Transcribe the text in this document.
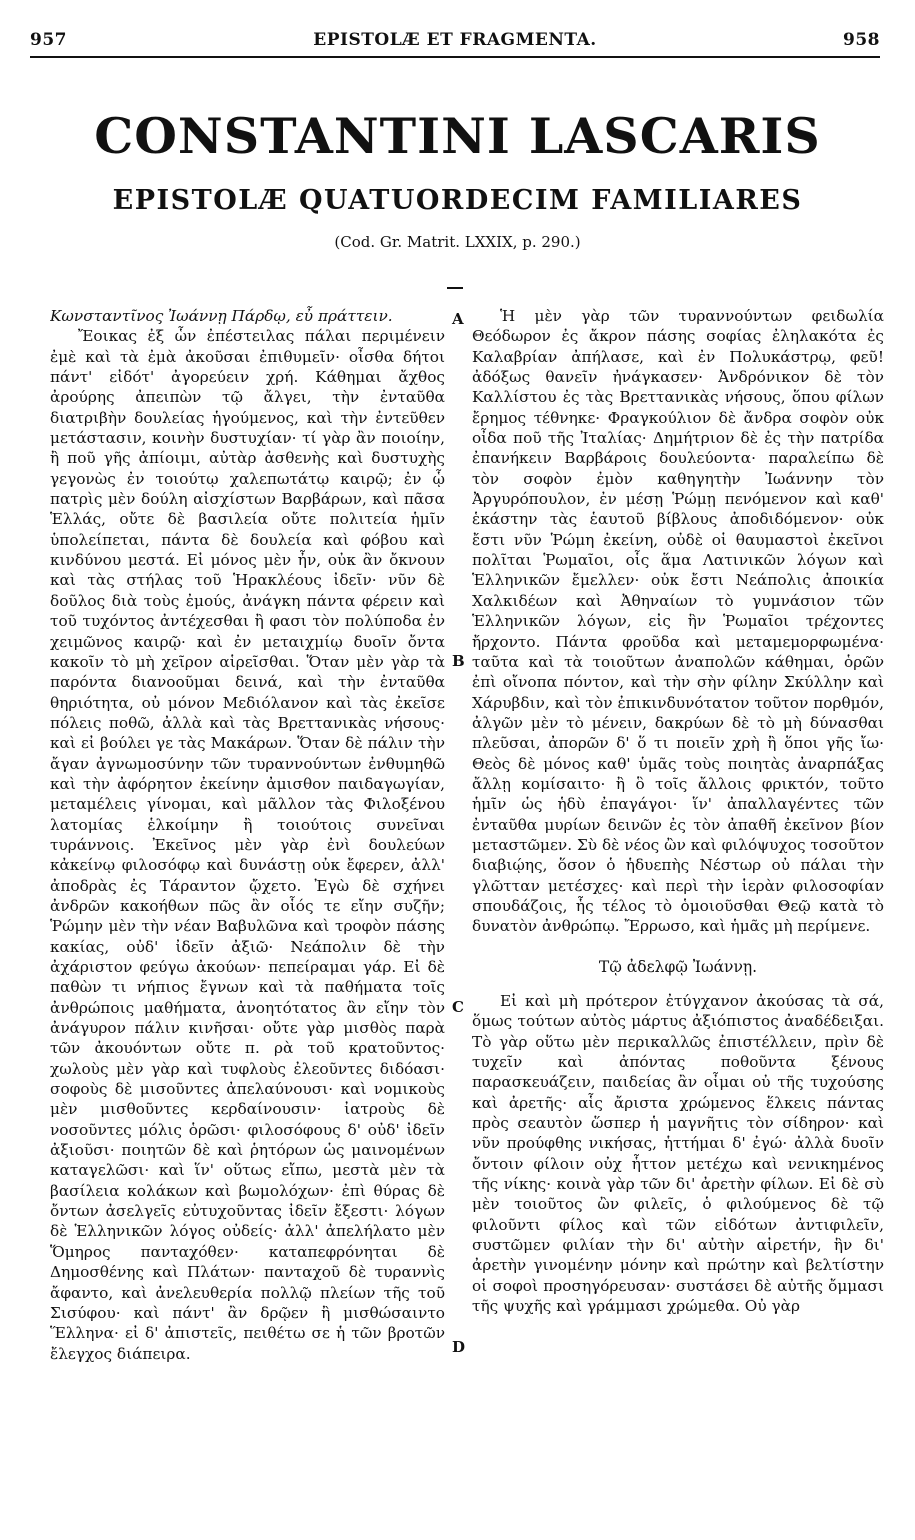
957	EPISTOLÆ ET FRAGMENTA.	958
CONSTANTINI LASCARIS
EPISTOLÆ QUATUORDECIM FAMILIARES
(Cod. Gr. Matrit. LXXIX, p. 290.)

Κωνσταντῖνος Ἰωάννῃ Πάρδῳ, εὖ πράττειν.

Ἔοικας ἐξ ὧν ἐπέστειλας πάλαι περιμένειν ἐμὲ καὶ τὰ ἐμὰ ἀκοῦσαι ἐπιθυμεῖν· οἶσθα δήτοι πάντ' εἰδότ' ἀγορεύειν χρή. Κάθημαι ἄχθος ἀρούρης ἀπειπὼν τῷ ἄλγει, τὴν ἐνταῦθα διατριβὴν δουλείας ἡγούμενος, καὶ τὴν ἐντεῦθεν μετάστασιν, κοινὴν δυστυχίαν· τί γὰρ ἂν ποιοίην, ἢ ποῦ γῆς ἀπίοιμι, αὐτὰρ ἀσθενὴς καὶ δυστυχὴς γεγονὼς ἐν τοιούτῳ χαλεπωτάτῳ καιρῷ; ἐν ᾧ πατρὶς μὲν δούλη αἰσχίστων Βαρβάρων, καὶ πᾶσα Ἑλλάς, οὔτε δὲ βασιλεία οὔτε πολιτεία ἡμῖν ὑπολείπεται, πάντα δὲ δουλεία καὶ φόβου καὶ κινδύνου μεστά. Εἰ μόνος μὲν ἦν, οὐκ ἂν ὄκνουν καὶ τὰς στήλας τοῦ Ἡρακλέους ἰδεῖν· νῦν δὲ δοῦλος διὰ τοὺς ἐμούς, ἀνάγκη πάντα φέρειν καὶ τοῦ τυχόντος ἀντέχεσθαι ἢ φασι τὸν πολύποδα ἐν χειμῶνος καιρῷ· καὶ ἐν μεταιχμίῳ δυοῖν ὄντα κακοῖν τὸ μὴ χεῖρον αἱρεῖσθαι. Ὅταν μὲν γὰρ τὰ παρόντα διανοοῦμαι δεινά, καὶ τὴν ἐνταῦθα θηριότητα, οὐ μόνον Μεδιόλανον καὶ τὰς ἐκεῖσε πόλεις ποθῶ, ἀλλὰ καὶ τὰς Βρεττανικὰς νήσους· καὶ εἰ βούλει γε τὰς Μακάρων. Ὅταν δὲ πάλιν τὴν ἄγαν ἀγνωμοσύνην τῶν τυραννούντων ἐνθυμηθῶ καὶ τὴν ἀφόρητον ἐκείνην ἀμισθον παιδαγωγίαν, μεταμέλεις γίνομαι, καὶ μᾶλλον τὰς Φιλοξένου λατομίας ἑλκοίμην ἢ τοιούτοις συνεῖναι τυράννοις. Ἐκεῖνος μὲν γὰρ ἐνὶ δουλεύων κἀκείνῳ φιλοσόφῳ καὶ δυνάστῃ οὐκ ἔφερεν, ἀλλ' ἀποδρὰς ἐς Τάραντον ᾤχετο. Ἐγὼ δὲ σχήνει ἀνδρῶν κακοήθων πῶς ἂν οἷός τε εἴην συζῆν; Ῥώμην μὲν τὴν νέαν Βαβυλῶνα καὶ τροφὸν πάσης κακίας, οὐδ' ἰδεῖν ἀξιῶ· Νεάπολιν δὲ τὴν ἀχάριστον φεύγω ἀκούων· πεπείραμαι γάρ. Εἰ δὲ παθὼν τι νήπιος ἔγνων καὶ τὰ παθήματα τοῖς ἀνθρώποις μαθήματα, ἀνοητότατος ἂν εἴην τὸν ἀνάγυρον πάλιν κινῆσαι· οὔτε γὰρ μισθὸς παρὰ τῶν ἀκουόντων οὔτε π. ρὰ τοῦ κρατοῦντος· χωλοὺς μὲν γὰρ καὶ τυφλοὺς ἐλεοῦντες διδόασι· σοφοὺς δὲ μισοῦντες ἀπελαύνουσι· καὶ νομικοὺς μὲν μισθοῦντες κερδαίνουσιν· ἰατροὺς δὲ νοσοῦντες μόλις ὁρῶσι· φιλοσόφους δ' οὐδ' ἰδεῖν ἀξιοῦσι· ποιητῶν δὲ καὶ ῥητόρων ὡς μαινομένων καταγελῶσι· καὶ ἵν' οὕτως εἴπω, μεστὰ μὲν τὰ βασίλεια κολάκων καὶ βωμολόχων· ἐπὶ θύρας δὲ ὄντων ἀσελγεῖς εὐτυχοῦντας ἰδεῖν ἔξεστι· λόγων δὲ Ἑλληνικῶν λόγος οὐδείς· ἀλλ' ἀπελήλατο μὲν Ὅμηρος πανταχόθεν· καταπεφρόνηται δὲ Δημοσθένης καὶ Πλάτων· πανταχοῦ δὲ τυραννὶς ἄφαντο, καὶ ἀνελευθερία πολλῷ πλείων τῆς τοῦ Σισύφου· καὶ πάντ' ἂν δρῷεν ἢ μισθώσαιντο Ἕλληνα· εἰ δ' ἀπιστεῖς, πειθέτω σε ἡ τῶν βροτῶν ἔλεγχος διάπειρα.

Ἡ μὲν γὰρ τῶν τυραννούντων φειδωλία Θεόδωρον ἐς ἄκρον πάσης σοφίας ἐληλακότα ἐς Καλαβρίαν ἀπήλασε, καὶ ἐν Πολυκάστρῳ, φεῦ! ἀδόξως θανεῖν ἠνάγκασεν· Ἀνδρόνικον δὲ τὸν Καλλίστου ἐς τὰς Βρεττανικὰς νήσους, ὅπου φίλων ἔρημος τέθνηκε· Φραγκούλιον δὲ ἄνδρα σοφὸν οὐκ οἶδα ποῦ τῆς Ἰταλίας· Δημήτριον δὲ ἐς τὴν πατρίδα ἐπανήκειν Βαρβάροις δουλεύοντα· παραλείπω δὲ τὸν σοφὸν ἐμὸν καθηγητὴν Ἰωάννην τὸν Ἀργυρόπουλον, ἐν μέσῃ Ῥώμῃ πενόμενον καὶ καθ' ἑκάστην τὰς ἑαυτοῦ βίβλους ἀποδιδόμενον· οὐκ ἔστι νῦν Ῥώμη ἐκείνη, οὐδὲ οἱ θαυμαστοὶ ἐκεῖνοι πολῖται Ῥωμαῖοι, οἷς ἅμα Λατινικῶν λόγων καὶ Ἑλληνικῶν ἔμελλεν· οὐκ ἔστι Νεάπολις ἀποικία Χαλκιδέων καὶ Ἀθηναίων τὸ γυμνάσιον τῶν Ἑλληνικῶν λόγων, εἰς ἣν Ῥωμαῖοι τρέχοντες ἤρχοντο. Πάντα φροῦδα καὶ μεταμεμορφωμένα· ταῦτα καὶ τὰ τοιοῦτων ἀναπολῶν κάθημαι, ὁρῶν ἐπὶ οἴνοπα πόντον, καὶ τὴν σὴν φίλην Σκύλλην καὶ Χάρυβδιν, καὶ τὸν ἐπικινδυνότατον τοῦτον πορθμόν, ἀλγῶν μὲν τὸ μένειν, δακρύων δὲ τὸ μὴ δύνασθαι πλεῦσαι, ἀπορῶν δ' ὅ τι ποιεῖν χρὴ ἢ ὅποι γῆς ἴω· Θεὸς δὲ μόνος καθ' ὑμᾶς τοὺς ποιητὰς ἀναρπάξας ἄλλῃ κομίσαιτο· ἢ ὃ τοῖς ἄλλοις φρικτόν, τοῦτο ἡμῖν ὡς ἡδὺ ἐπαγάγοι· ἵν' ἀπαλλαγέντες τῶν ἐνταῦθα μυρίων δεινῶν ἐς τὸν ἀπαθῆ ἐκεῖνον βίον μεταστῶμεν. Σὺ δὲ νέος ὢν καὶ φιλόψυχος τοσοῦτον διαβιῴης, ὅσον ὁ ἡδυεπὴς Νέστωρ οὐ πάλαι τὴν γλῶτταν μετέσχες· καὶ περὶ τὴν ἱερὰν φιλοσοφίαν σπουδάζοις, ἧς τέλος τὸ ὁμοιοῦσθαι Θεῷ κατὰ τὸ δυνατὸν ἀνθρώπῳ. Ἔρρωσο, καὶ ἡμᾶς μὴ περίμενε.

Τῷ ἀδελφῷ Ἰωάννῃ.

Εἰ καὶ μὴ πρότερον ἐτύγχανον ἀκούσας τὰ σά, ὅμως τούτων αὐτὸς μάρτυς ἀξιόπιστος ἀναδέδειξαι. Τὸ γὰρ οὕτω μὲν περικαλλῶς ἐπιστέλλειν, πρὶν δὲ τυχεῖν καὶ ἀπόντας ποθοῦντα ξένους παρασκευάζειν, παιδείας ἂν οἶμαι οὐ τῆς τυχούσης καὶ ἀρετῆς· αἷς ἄριστα χρώμενος ἕλκεις πάντας πρὸς σεαυτὸν ὥσπερ ἡ μαγνῆτις τὸν σίδηρον· καὶ νῦν προύφθης νικήσας, ἡττήμαι δ' ἐγώ· ἀλλὰ δυοῖν ὄντοιν φίλοιν οὐχ ἧττον μετέχω καὶ νενικημένος τῆς νίκης· κοινὰ γὰρ τῶν δι' ἀρετὴν φίλων. Εἰ δὲ σὺ μὲν τοιοῦτος ὢν φιλεῖς, ὁ φιλούμενος δὲ τῷ φιλοῦντι φίλος καὶ τῶν εἰδότων ἀντιφιλεῖν, συστῶμεν φιλίαν τὴν δι' αὐτὴν αἱρετήν, ἣν δι' ἀρετὴν γινομένην μόνην καὶ πρώτην καὶ βελτίστην οἱ σοφοὶ προσηγόρευσαν· συστάσει δὲ αὐτῆς ὄμμασι τῆς ψυχῆς καὶ γράμμασι χρώμεθα. Οὐ γὰρ

A
B
C
D
